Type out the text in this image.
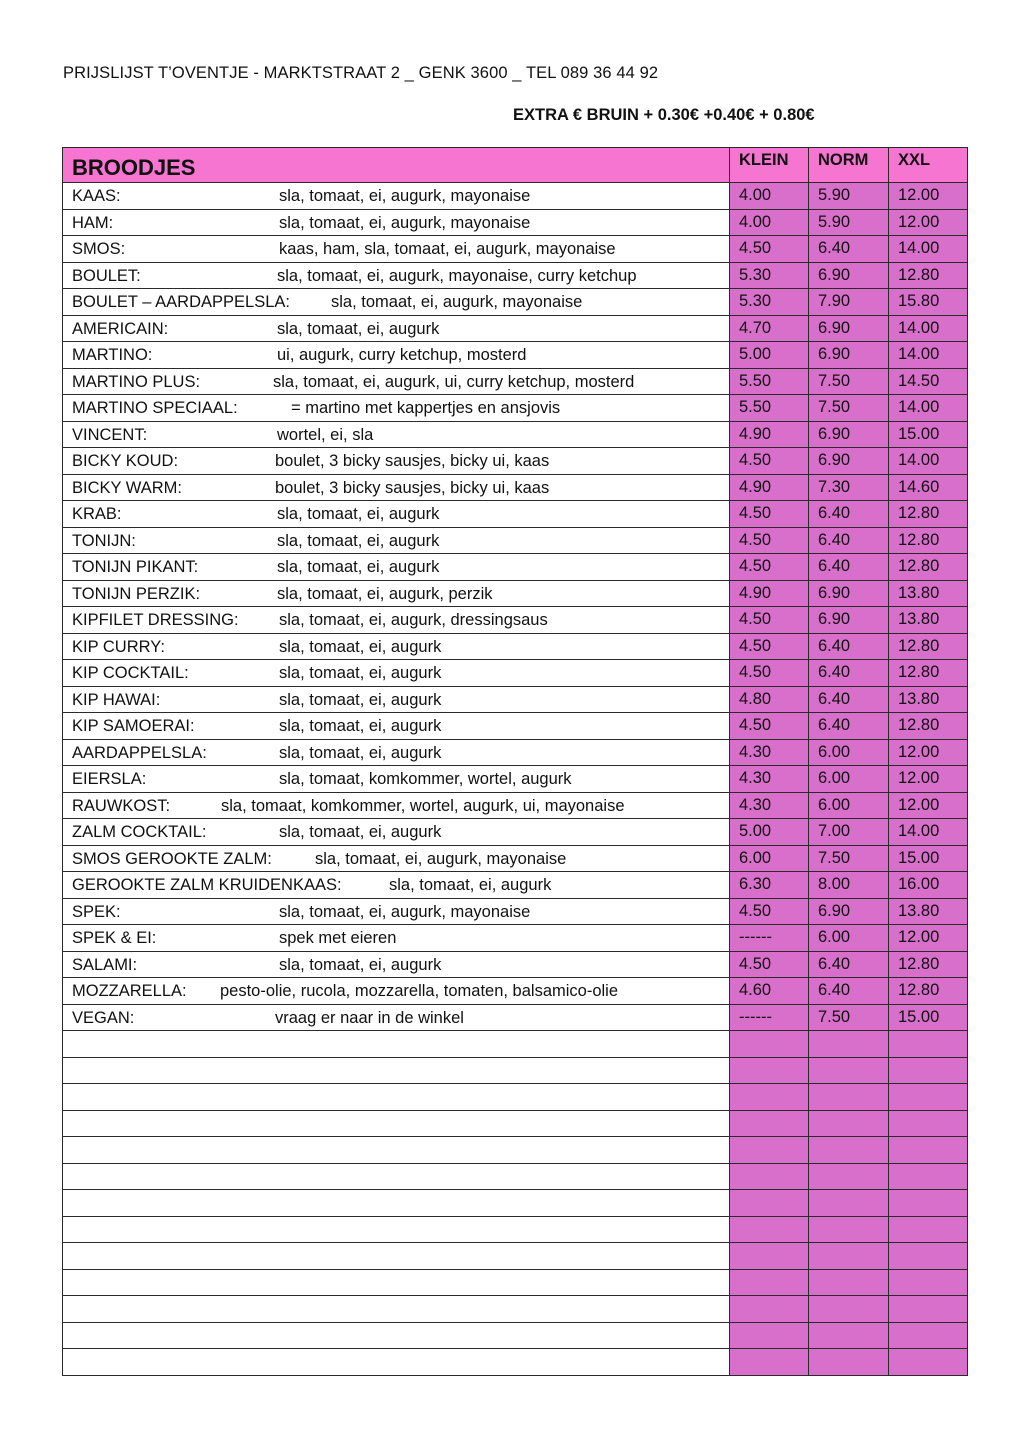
PRIJSLIJST T’OVENTJE - MARKTSTRAAT 2 _ GENK 3600 _ TEL 089 36 44 92
EXTRA € BRUIN + 0.30€ +0.40€ + 0.80€
BROODJES	KLEIN	NORM	XXL

KAAS: sla, tomaat, ei, augurk, mayonaise	4.00	5.90	12.00

HAM: sla, tomaat, ei, augurk, mayonaise	4.00	5.90	12.00

SMOS: kaas, ham, sla, tomaat, ei, augurk, mayonaise	4.50	6.40	14.00

BOULET: sla, tomaat, ei, augurk, mayonaise, curry ketchup	5.30	6.90	12.80

BOULET – AARDAPPELSLA: sla, tomaat, ei, augurk, mayonaise	5.30	7.90	15.80

AMERICAIN: sla, tomaat, ei, augurk	4.70	6.90	14.00

MARTINO: ui, augurk, curry ketchup, mosterd	5.00	6.90	14.00

MARTINO PLUS: sla, tomaat, ei, augurk, ui, curry ketchup, mosterd	5.50	7.50	14.50

MARTINO SPECIAAL: = martino met kappertjes en ansjovis	5.50	7.50	14.00

VINCENT: wortel, ei, sla	4.90	6.90	15.00

BICKY KOUD: boulet, 3 bicky sausjes, bicky ui, kaas	4.50	6.90	14.00

BICKY WARM: boulet, 3 bicky sausjes, bicky ui, kaas	4.90	7.30	14.60

KRAB: sla, tomaat, ei, augurk	4.50	6.40	12.80

TONIJN: sla, tomaat, ei, augurk	4.50	6.40	12.80

TONIJN PIKANT: sla, tomaat, ei, augurk	4.50	6.40	12.80

TONIJN PERZIK: sla, tomaat, ei, augurk, perzik	4.90	6.90	13.80

KIPFILET DRESSING: sla, tomaat, ei, augurk, dressingsaus	4.50	6.90	13.80

KIP CURRY: sla, tomaat, ei, augurk	4.50	6.40	12.80

KIP COCKTAIL: sla, tomaat, ei, augurk	4.50	6.40	12.80

KIP HAWAI: sla, tomaat, ei, augurk	4.80	6.40	13.80

KIP SAMOERAI: sla, tomaat, ei, augurk	4.50	6.40	12.80

AARDAPPELSLA: sla, tomaat, ei, augurk	4.30	6.00	12.00

EIERSLA: sla, tomaat, komkommer, wortel, augurk	4.30	6.00	12.00

RAUWKOST: sla, tomaat, komkommer, wortel, augurk, ui, mayonaise	4.30	6.00	12.00

ZALM COCKTAIL: sla, tomaat, ei, augurk	5.00	7.00	14.00

SMOS GEROOKTE ZALM: sla, tomaat, ei, augurk, mayonaise	6.00	7.50	15.00

GEROOKTE ZALM KRUIDENKAAS: sla, tomaat, ei, augurk	6.30	8.00	16.00

SPEK: sla, tomaat, ei, augurk, mayonaise	4.50	6.90	13.80

SPEK & EI: spek met eieren	------	6.00	12.00

SALAMI: sla, tomaat, ei, augurk	4.50	6.40	12.80

MOZZARELLA: pesto-olie, rucola, mozzarella, tomaten, balsamico-olie	4.60	6.40	12.80

VEGAN: vraag er naar in de winkel	------	7.50	15.00
